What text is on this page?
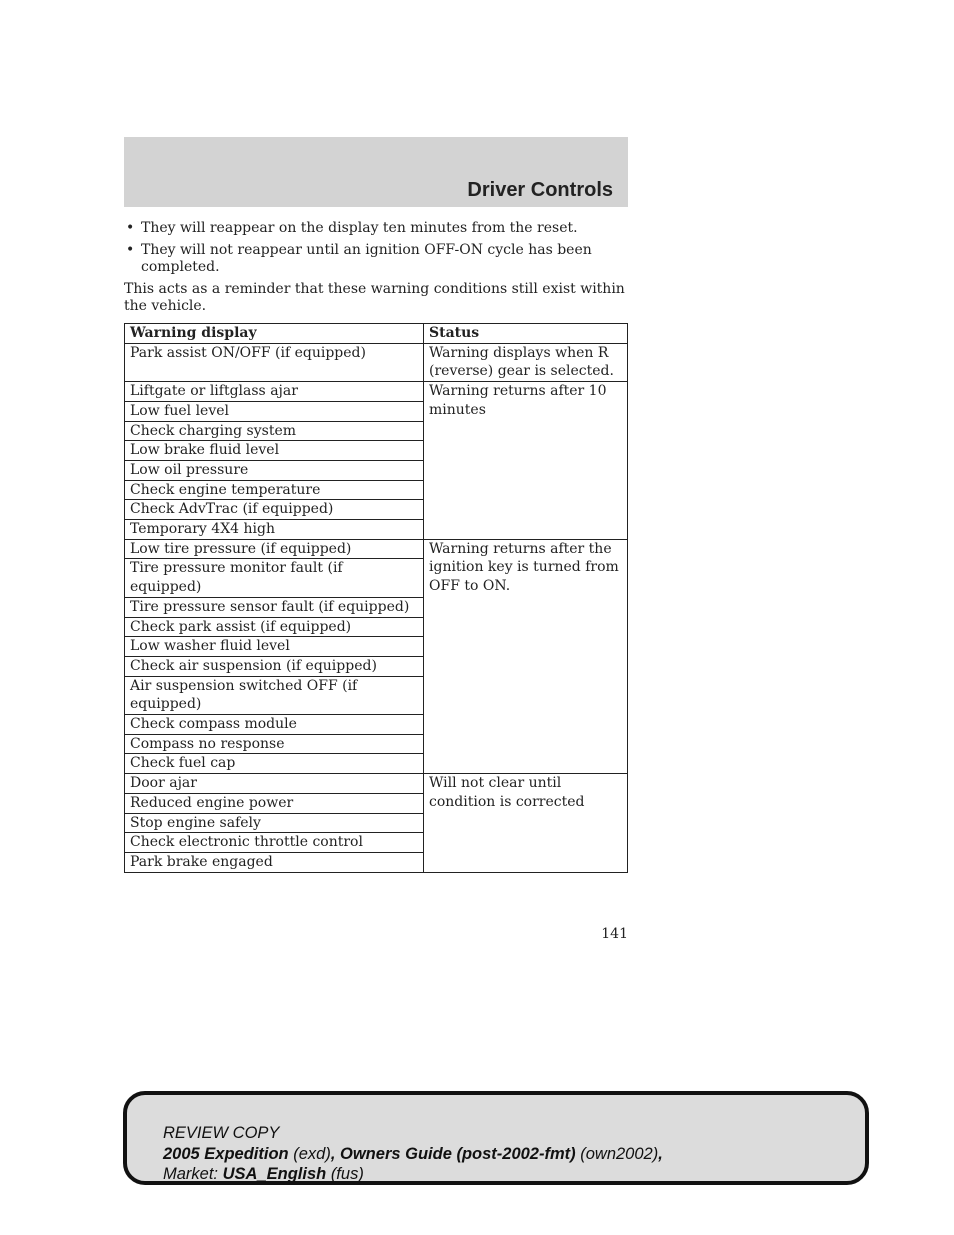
Driver Controls
• They will reappear on the display ten minutes from the reset.
• They will not reappear until an ignition OFF-ON cycle has been completed.

This acts as a reminder that these warning conditions still exist within the vehicle.

Warning display	Status
Park assist ON/OFF (if equipped)	Warning displays when R (reverse) gear is selected.
Liftgate or liftglass ajar	Warning returns after 10 minutes
Low fuel level	
Check charging system	
Low brake fluid level	
Low oil pressure	
Check engine temperature	
Check AdvTrac (if equipped)	
Temporary 4X4 high	
Low tire pressure (if equipped)	Warning returns after the ignition key is turned from OFF to ON.
Tire pressure monitor fault (if equipped)	
Tire pressure sensor fault (if equipped)	
Check park assist (if equipped)	
Low washer fluid level	
Check air suspension (if equipped)	
Air suspension switched OFF (if equipped)	
Check compass module	
Compass no response	
Check fuel cap	
Door ajar	Will not clear until condition is corrected
Reduced engine power	
Stop engine safely	
Check electronic throttle control	
Park brake engaged	
141
REVIEW COPY
2005 Expedition (exd), Owners Guide (post-2002-fmt) (own2002),
Market: USA_English (fus)
